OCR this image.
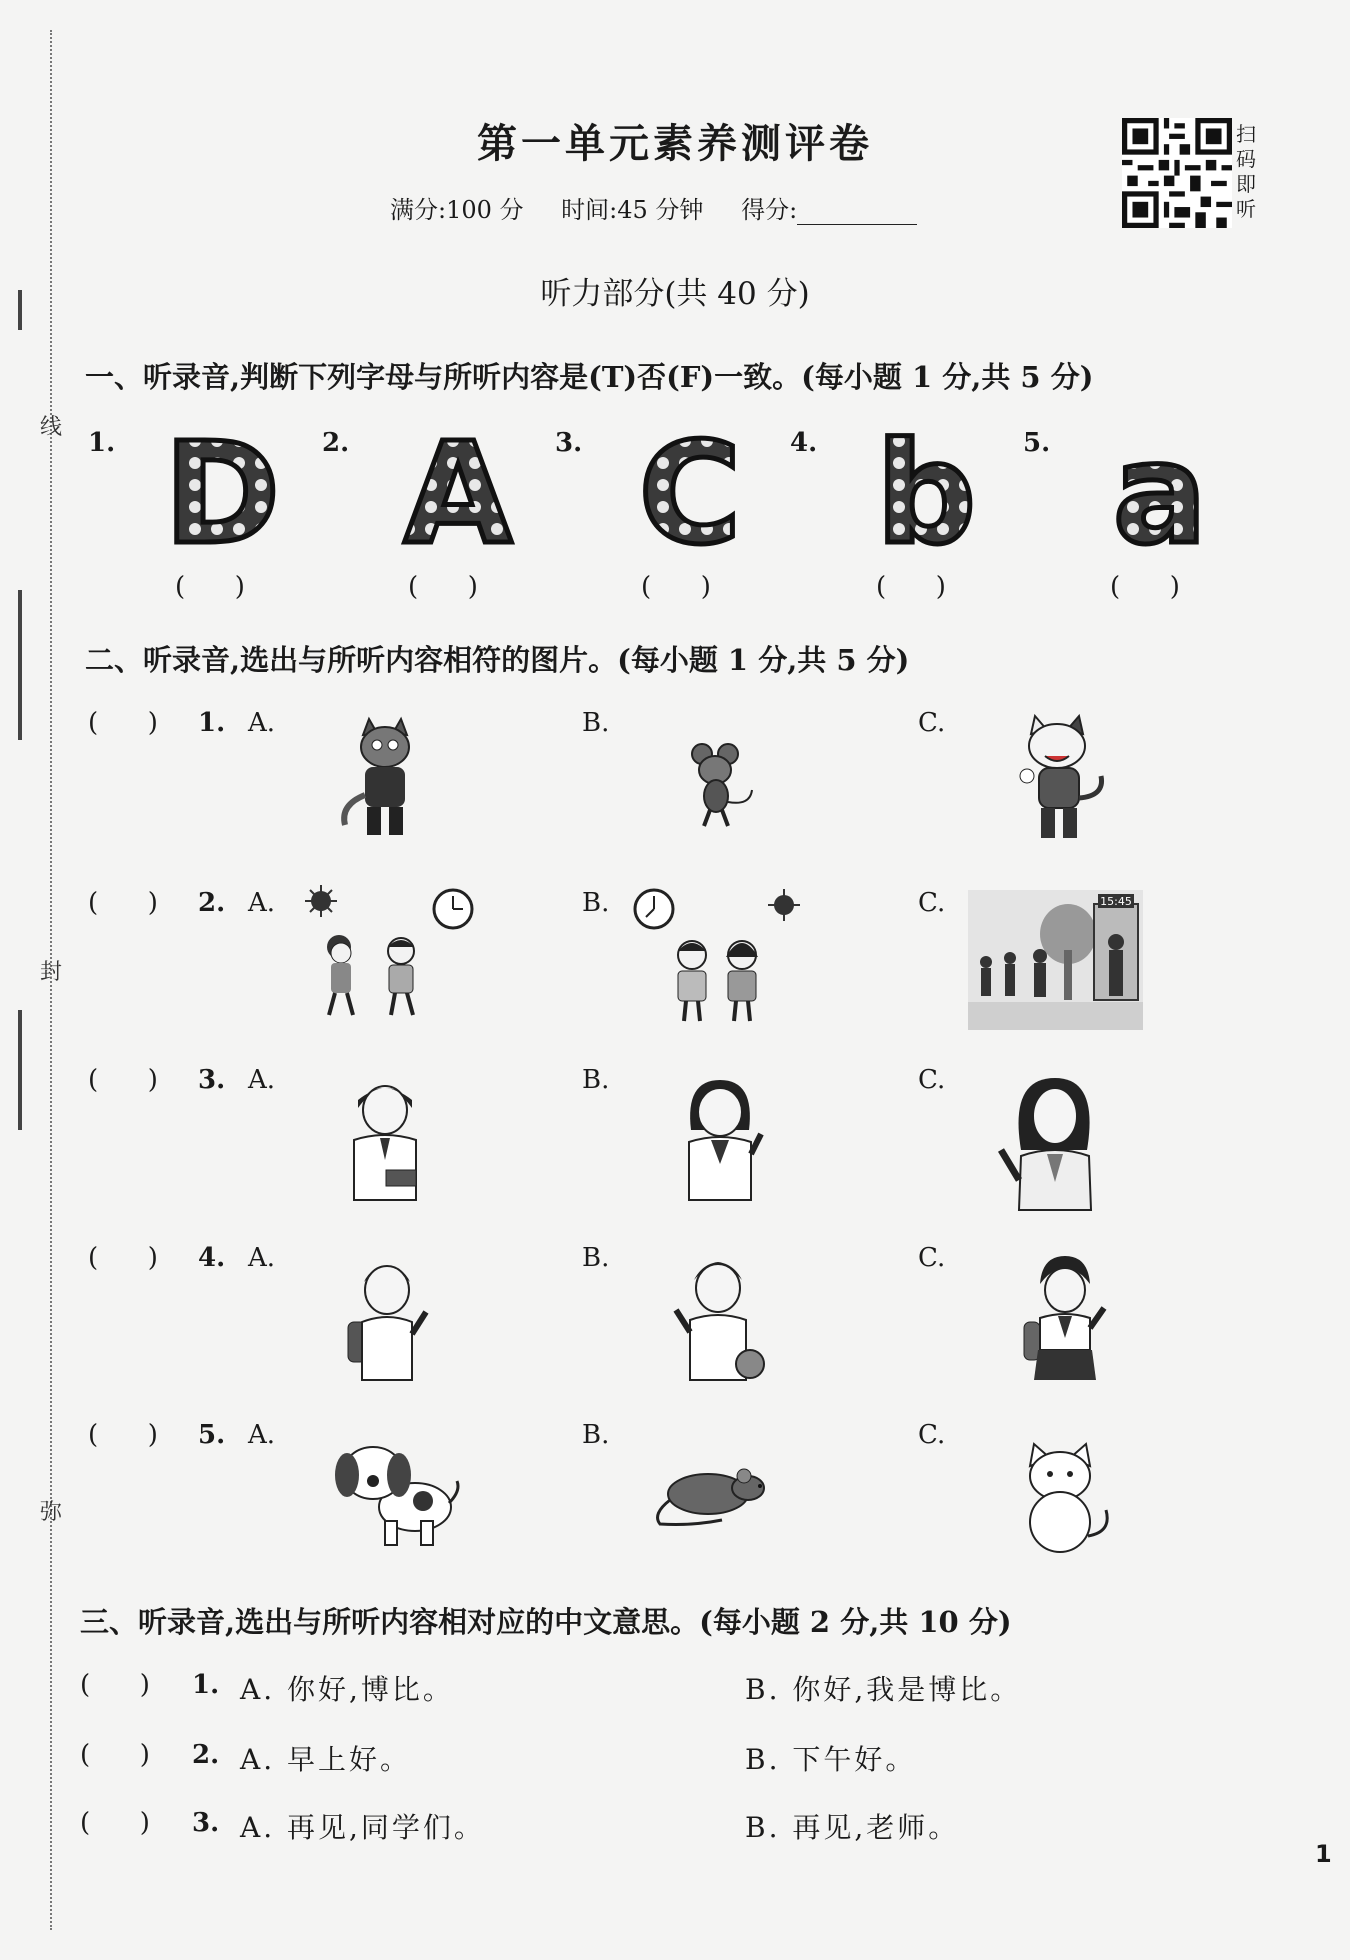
线
封
弥
第一单元素养测评卷
满分:100 分 时间:45 分钟 得分:
扫码即听
听力部分(共 40 分)
一、听录音,判断下列字母与所听内容是(T)否(F)一致。(每小题 1 分,共 5 分)
1.	2.	3.	4.	5.
D A C b a
(      )	(      )	(      )	(      )	(      )
二、听录音,选出与所听内容相符的图片。(每小题 1 分,共 5 分)
(      ) 1. A.	B.	C.
(      ) 2. A.	B.	C.	15:45
(      ) 3. A.	B.	C.
(      ) 4. A.	B.	C.
(      ) 5. A.	B.	C.
三、听录音,选出与所听内容相对应的中文意思。(每小题 2 分,共 10 分)
(      ) 1. A. 你好,博比。	B. 你好,我是博比。
(      ) 2. A. 早上好。	B. 下午好。
(      ) 3. A. 再见,同学们。	B. 再见,老师。
1
